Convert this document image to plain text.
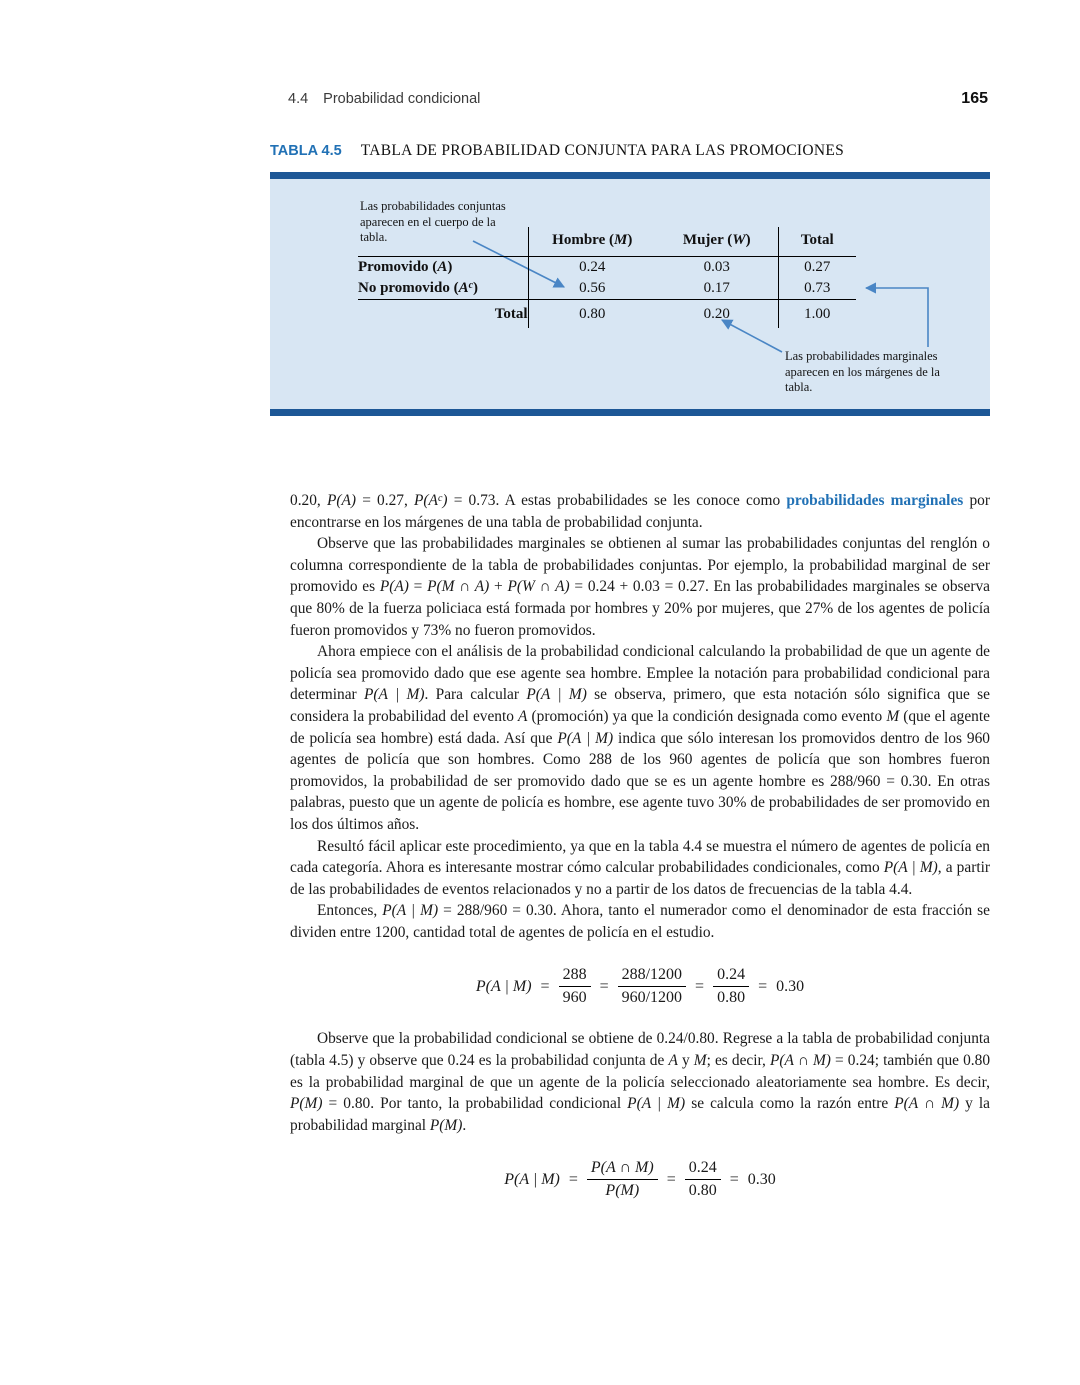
4.4 Probabilidad condicional	165
TABLA 4.5 TABLA DE PROBABILIDAD CONJUNTA PARA LAS PROMOCIONES
Las probabilidades conjuntas aparecen en el cuerpo de la tabla.
Las probabilidades marginales aparecen en los márgenes de la tabla.
	Hombre (M)	Mujer (W)	Total
Promovido (A)	0.24	0.03	0.27
No promovido $(A^c)$	0.56	0.17	0.73
Total	0.80	0.20	1.00

0.20, P(A) = 0.27, $P(A^c) = 0.73$. A estas probabilidades se les conoce como probabilidades marginales por encontrarse en los márgenes de una tabla de probabilidad conjunta.

Observe que las probabilidades marginales se obtienen al sumar las probabilidades conjuntas del renglón o columna correspondiente de la tabla de probabilidades conjuntas. Por ejemplo, la probabilidad marginal de ser promovido es P(A) = P(M ∩ A) + P(W ∩ A) = 0.24 + 0.03 = 0.27. En las probabilidades marginales se observa que 80% de la fuerza policiaca está formada por hombres y 20% por mujeres, que 27% de los agentes de policía fueron promovidos y 73% no fueron promovidos.

Ahora empiece con el análisis de la probabilidad condicional calculando la probabilidad de que un agente de policía sea promovido dado que ese agente sea hombre. Emplee la notación para probabilidad condicional para determinar P(A | M). Para calcular P(A | M) se observa, primero, que esta notación sólo significa que se considera la probabilidad del evento A (promoción) ya que la condición designada como evento M (que el agente de policía sea hombre) está dada. Así que P(A | M) indica que sólo interesan los promovidos dentro de los 960 agentes de policía que son hombres. Como 288 de los 960 agentes de policía que son hombres fueron promovidos, la probabilidad de ser promovido dado que se es un agente hombre es 288/960 = 0.30. En otras palabras, puesto que un agente de policía es hombre, ese agente tuvo 30% de probabilidades de ser promovido en los dos últimos años.

Resultó fácil aplicar este procedimiento, ya que en la tabla 4.4 se muestra el número de agentes de policía en cada categoría. Ahora es interesante mostrar cómo calcular probabilidades condicionales, como P(A | M), a partir de las probabilidades de eventos relacionados y no a partir de los datos de frecuencias de la tabla 4.4.

Entonces, P(A | M) = 288/960 = 0.30. Ahora, tanto el numerador como el denominador de esta fracción se dividen entre 1200, cantidad total de agentes de policía en el estudio.

P(A | $M) = \frac{288}{960} = \frac{288/1200}{960/1200} = \frac{0.24}{0.80} = 0.30$

Observe que la probabilidad condicional se obtiene de 0.24/0.80. Regrese a la tabla de probabilidad conjunta (tabla 4.5) y observe que 0.24 es la probabilidad conjunta de A y M; es decir, P(A ∩ M) = 0.24; también que 0.80 es la probabilidad marginal de que un agente de la policía seleccionado aleatoriamente sea hombre. Es decir, P(M) = 0.80. Por tanto, la probabilidad condicional P(A | M) se calcula como la razón entre P(A ∩ M) y la probabilidad marginal P(M).

P(A | $M) = \frac{P(A \cap M)}{P(M)} = \frac{0.24}{0.80} = 0.30$
